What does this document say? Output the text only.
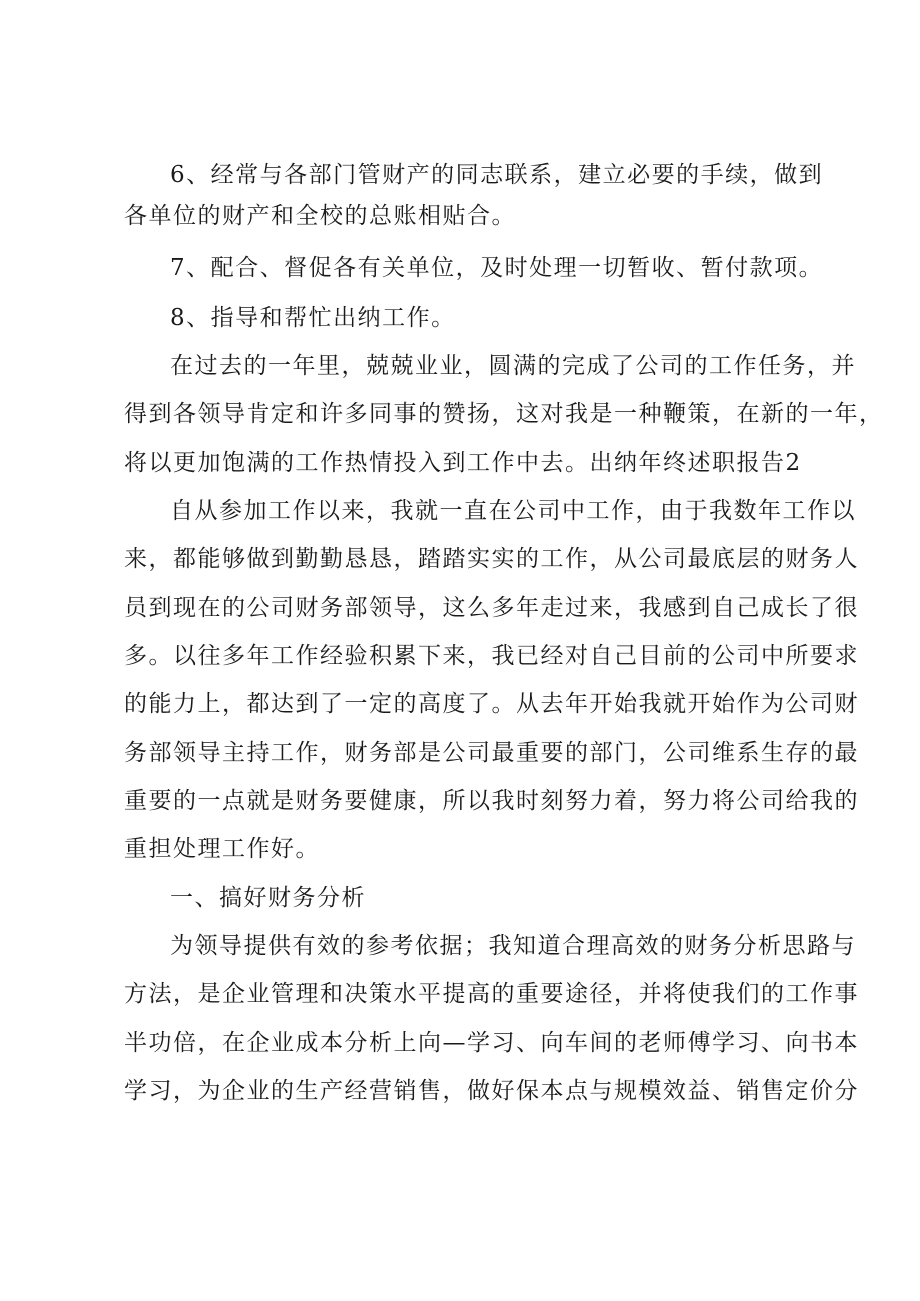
6、经常与各部门管财产的同志联系，建立必要的手续，做到
各单位的财产和全校的总账相贴合。
7、配合、督促各有关单位，及时处理一切暂收、暂付款项。
8、指导和帮忙出纳工作。
在过去的一年里，兢兢业业，圆满的完成了公司的工作任务，并
得到各领导肯定和许多同事的赞扬，这对我是一种鞭策，在新的一年，
将以更加饱满的工作热情投入到工作中去。出纳年终述职报告2
自从参加工作以来，我就一直在公司中工作，由于我数年工作以
来，都能够做到勤勤恳恳，踏踏实实的工作，从公司最底层的财务人
员到现在的公司财务部领导，这么多年走过来，我感到自己成长了很
多。以往多年工作经验积累下来，我已经对自己目前的公司中所要求
的能力上，都达到了一定的高度了。从去年开始我就开始作为公司财
务部领导主持工作，财务部是公司最重要的部门，公司维系生存的最
重要的一点就是财务要健康，所以我时刻努力着，努力将公司给我的
重担处理工作好。
一、搞好财务分析
为领导提供有效的参考依据；我知道合理高效的财务分析思路与
方法，是企业管理和决策水平提高的重要途径，并将使我们的工作事
半功倍，在企业成本分析上向—学习、向车间的老师傅学习、向书本
学习，为企业的生产经营销售，做好保本点与规模效益、销售定价分
